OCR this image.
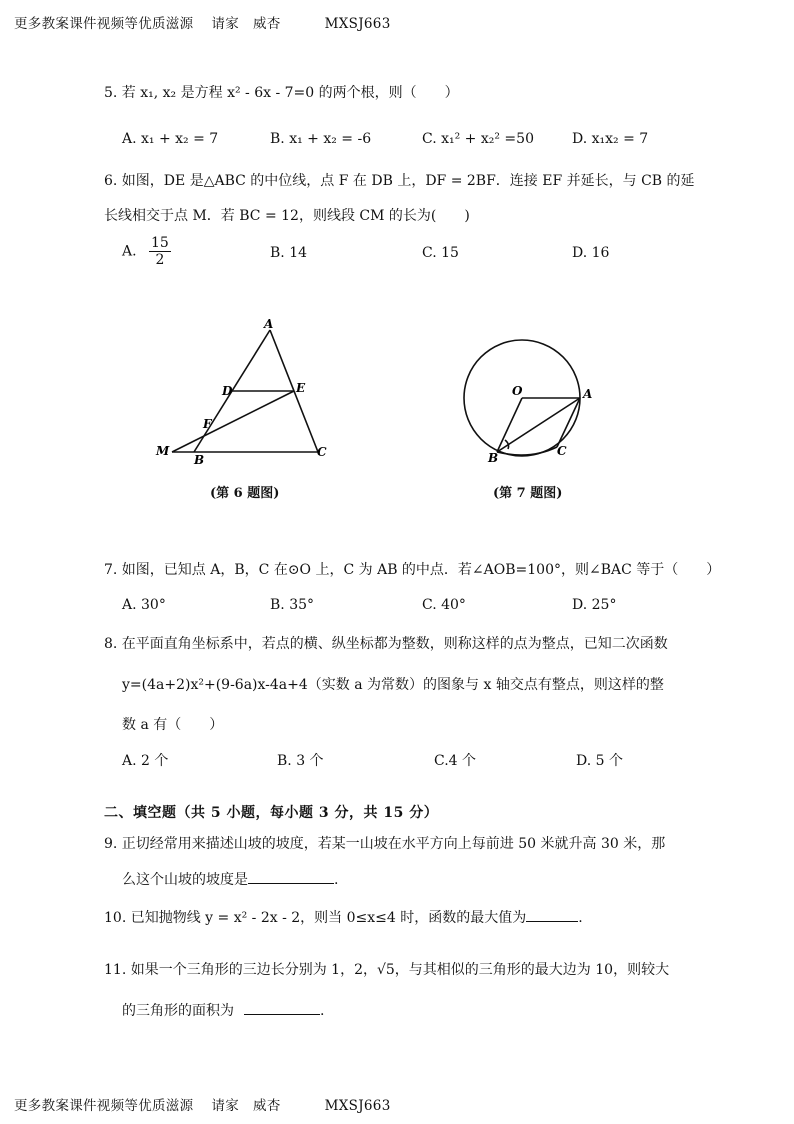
更多教案课件视频等优质滋源 请家 威杏	MXSJ663
5. 若 x₁, x₂ 是方程 x² - 6x - 7=0 的两个根，则（　　）
A. x₁ + x₂ = 7	B. x₁ + x₂ = -6	C. x₁² + x₂² =50	D. x₁x₂ = 7
6. 如图，DE 是△ABC 的中位线，点 F 在 DB 上，DF = 2BF．连接 EF 并延长，与 CB 的延
长线相交于点 M．若 BC = 12，则线段 CM 的长为(　　)
A. $\frac{15}{2}$	B. 14	C. 15	D. 16
A
D	E
F
M
B
C
(第 6 题图)
O	A
B	C
(第 7 题图)
7. 如图，已知点 A，B，C 在⊙O 上，C 为 AB 的中点．若∠AOB=100°，则∠BAC 等于（　　）
A. 30°	B. 35°	C. 40°	D. 25°
8. 在平面直角坐标系中，若点的横、纵坐标都为整数，则称这样的点为整点，已知二次函数
y=(4a+2)x²+(9-6a)x-4a+4（实数 a 为常数）的图象与 x 轴交点有整点，则这样的整
数 a 有（　　）
A. 2 个	B. 3 个	C.4 个	D. 5 个
二、填空题（共 5 小题，每小题 3 分，共 15 分）
9. 正切经常用来描述山坡的坡度，若某一山坡在水平方向上每前进 50 米就升高 30 米，那
么这个山坡的坡度是	.
10. 已知抛物线 y = x² - 2x - 2，则当 0≤x≤4 时，函数的最大值为	.
11. 如果一个三角形的三边长分别为 1，2，√5，与其相似的三角形的最大边为 10，则较大
的三角形的面积为	.
更多教案课件视频等优质滋源 请家 威杏	MXSJ663
